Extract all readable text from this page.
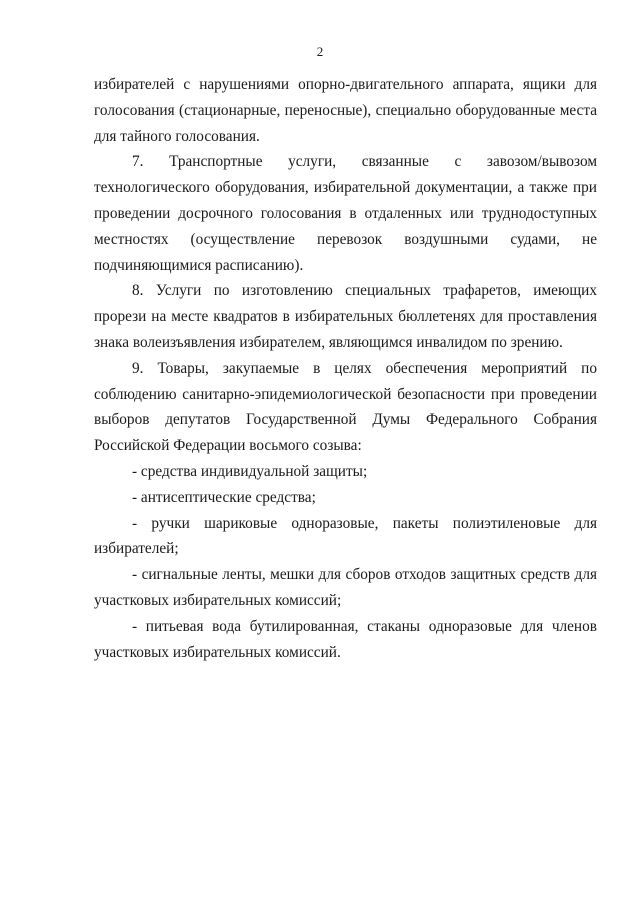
2

избирателей с нарушениями опорно-двигательного аппарата, ящики для голосования (стационарные, переносные), специально оборудованные места для тайного голосования.

7. Транспортные услуги, связанные с завозом/вывозом технологического оборудования, избирательной документации, а также при проведении досрочного голосования в отдаленных или труднодоступных местностях (осуществление перевозок воздушными судами, не подчиняющимися расписанию).

8. Услуги по изготовлению специальных трафаретов, имеющих прорези на месте квадратов в избирательных бюллетенях для проставления знака волеизъявления избирателем, являющимся инвалидом по зрению.

9. Товары, закупаемые в целях обеспечения мероприятий по соблюдению санитарно-эпидемиологической безопасности при проведении выборов депутатов Государственной Думы Федерального Собрания Российской Федерации восьмого созыва:

- средства индивидуальной защиты;

- антисептические средства;

- ручки шариковые одноразовые, пакеты полиэтиленовые для избирателей;

- сигнальные ленты, мешки для сборов отходов защитных средств для участковых избирательных комиссий;

- питьевая вода бутилированная, стаканы одноразовые для членов участковых избирательных комиссий.
